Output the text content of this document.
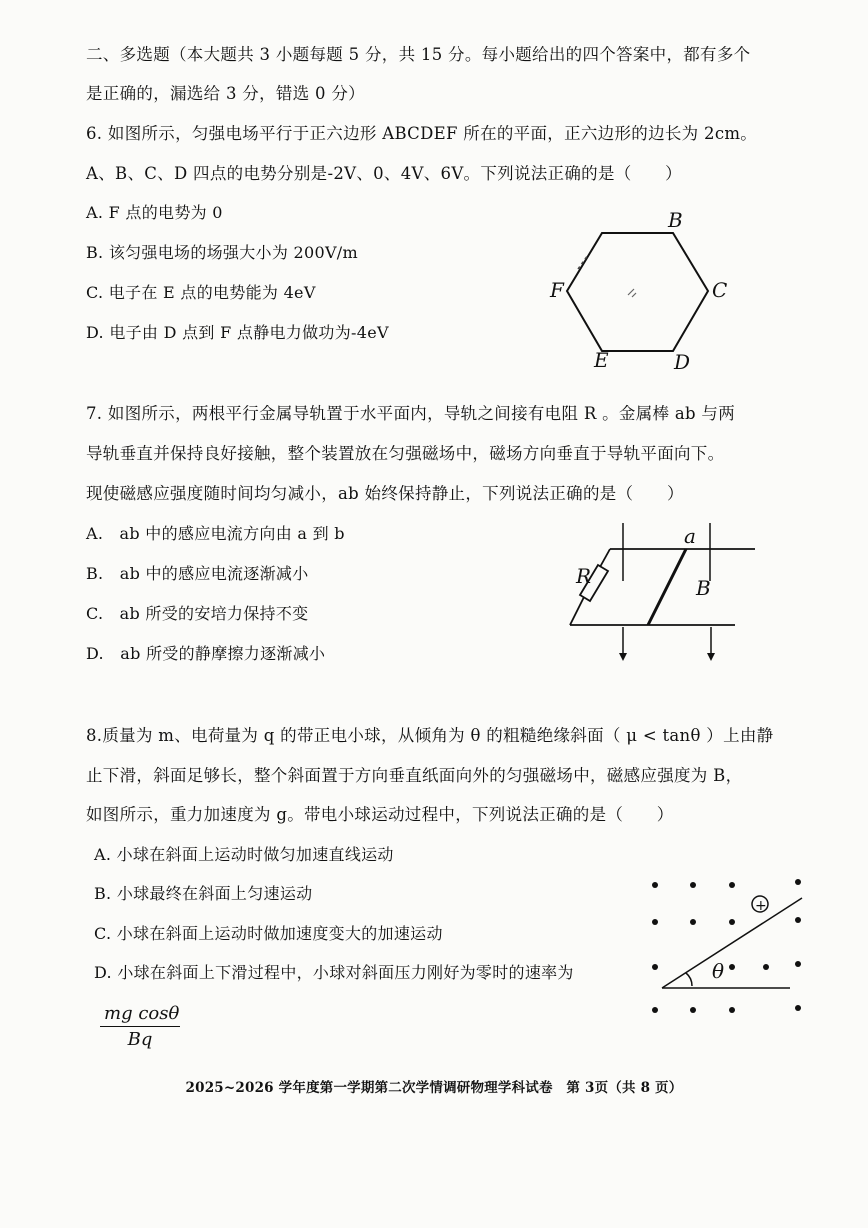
二、多选题（本大题共 3 小题每题 5 分，共 15 分。每小题给出的四个答案中，都有多个
是正确的，漏选给 3 分，错选 0 分）
6. 如图所示，匀强电场平行于正六边形 ABCDEF 所在的平面，正六边形的边长为 2cm。
A、B、C、D 四点的电势分别是-2V、0、4V、6V。下列说法正确的是（　　）
A. F 点的电势为 0
B. 该匀强电场的场强大小为 200V/m
C. 电子在 E 点的电势能为 4eV
D. 电子由 D 点到 F 点静电力做功为-4eV
B
C
D
E
F
7. 如图所示，两根平行金属导轨置于水平面内，导轨之间接有电阻 R 。金属棒 ab 与两
导轨垂直并保持良好接触，整个装置放在匀强磁场中，磁场方向垂直于导轨平面向下。
现使磁感应强度随时间均匀减小，ab 始终保持静止，下列说法正确的是（　　）
A.　ab 中的感应电流方向由 a 到 b
B.　ab 中的感应电流逐渐减小
C.　ab 所受的安培力保持不变
D.　ab 所受的静摩擦力逐渐减小
a
R	B
8.质量为 m、电荷量为 q 的带正电小球，从倾角为 θ 的粗糙绝缘斜面（ μ < tanθ ）上由静
止下滑，斜面足够长，整个斜面置于方向垂直纸面向外的匀强磁场中，磁感应强度为 B，
如图所示，重力加速度为 g。带电小球运动过程中，下列说法正确的是（　　）
A. 小球在斜面上运动时做匀加速直线运动
B. 小球最终在斜面上匀速运动
C. 小球在斜面上运动时做加速度变大的加速运动
D. 小球在斜面上下滑过程中，小球对斜面压力刚好为零时的速率为
$\frac{\text{mg cosθ}}{Bq}$
θ
+
2025~2026 学年度第一学期第二次学情调研物理学科试卷　第 3页（共 8 页）
